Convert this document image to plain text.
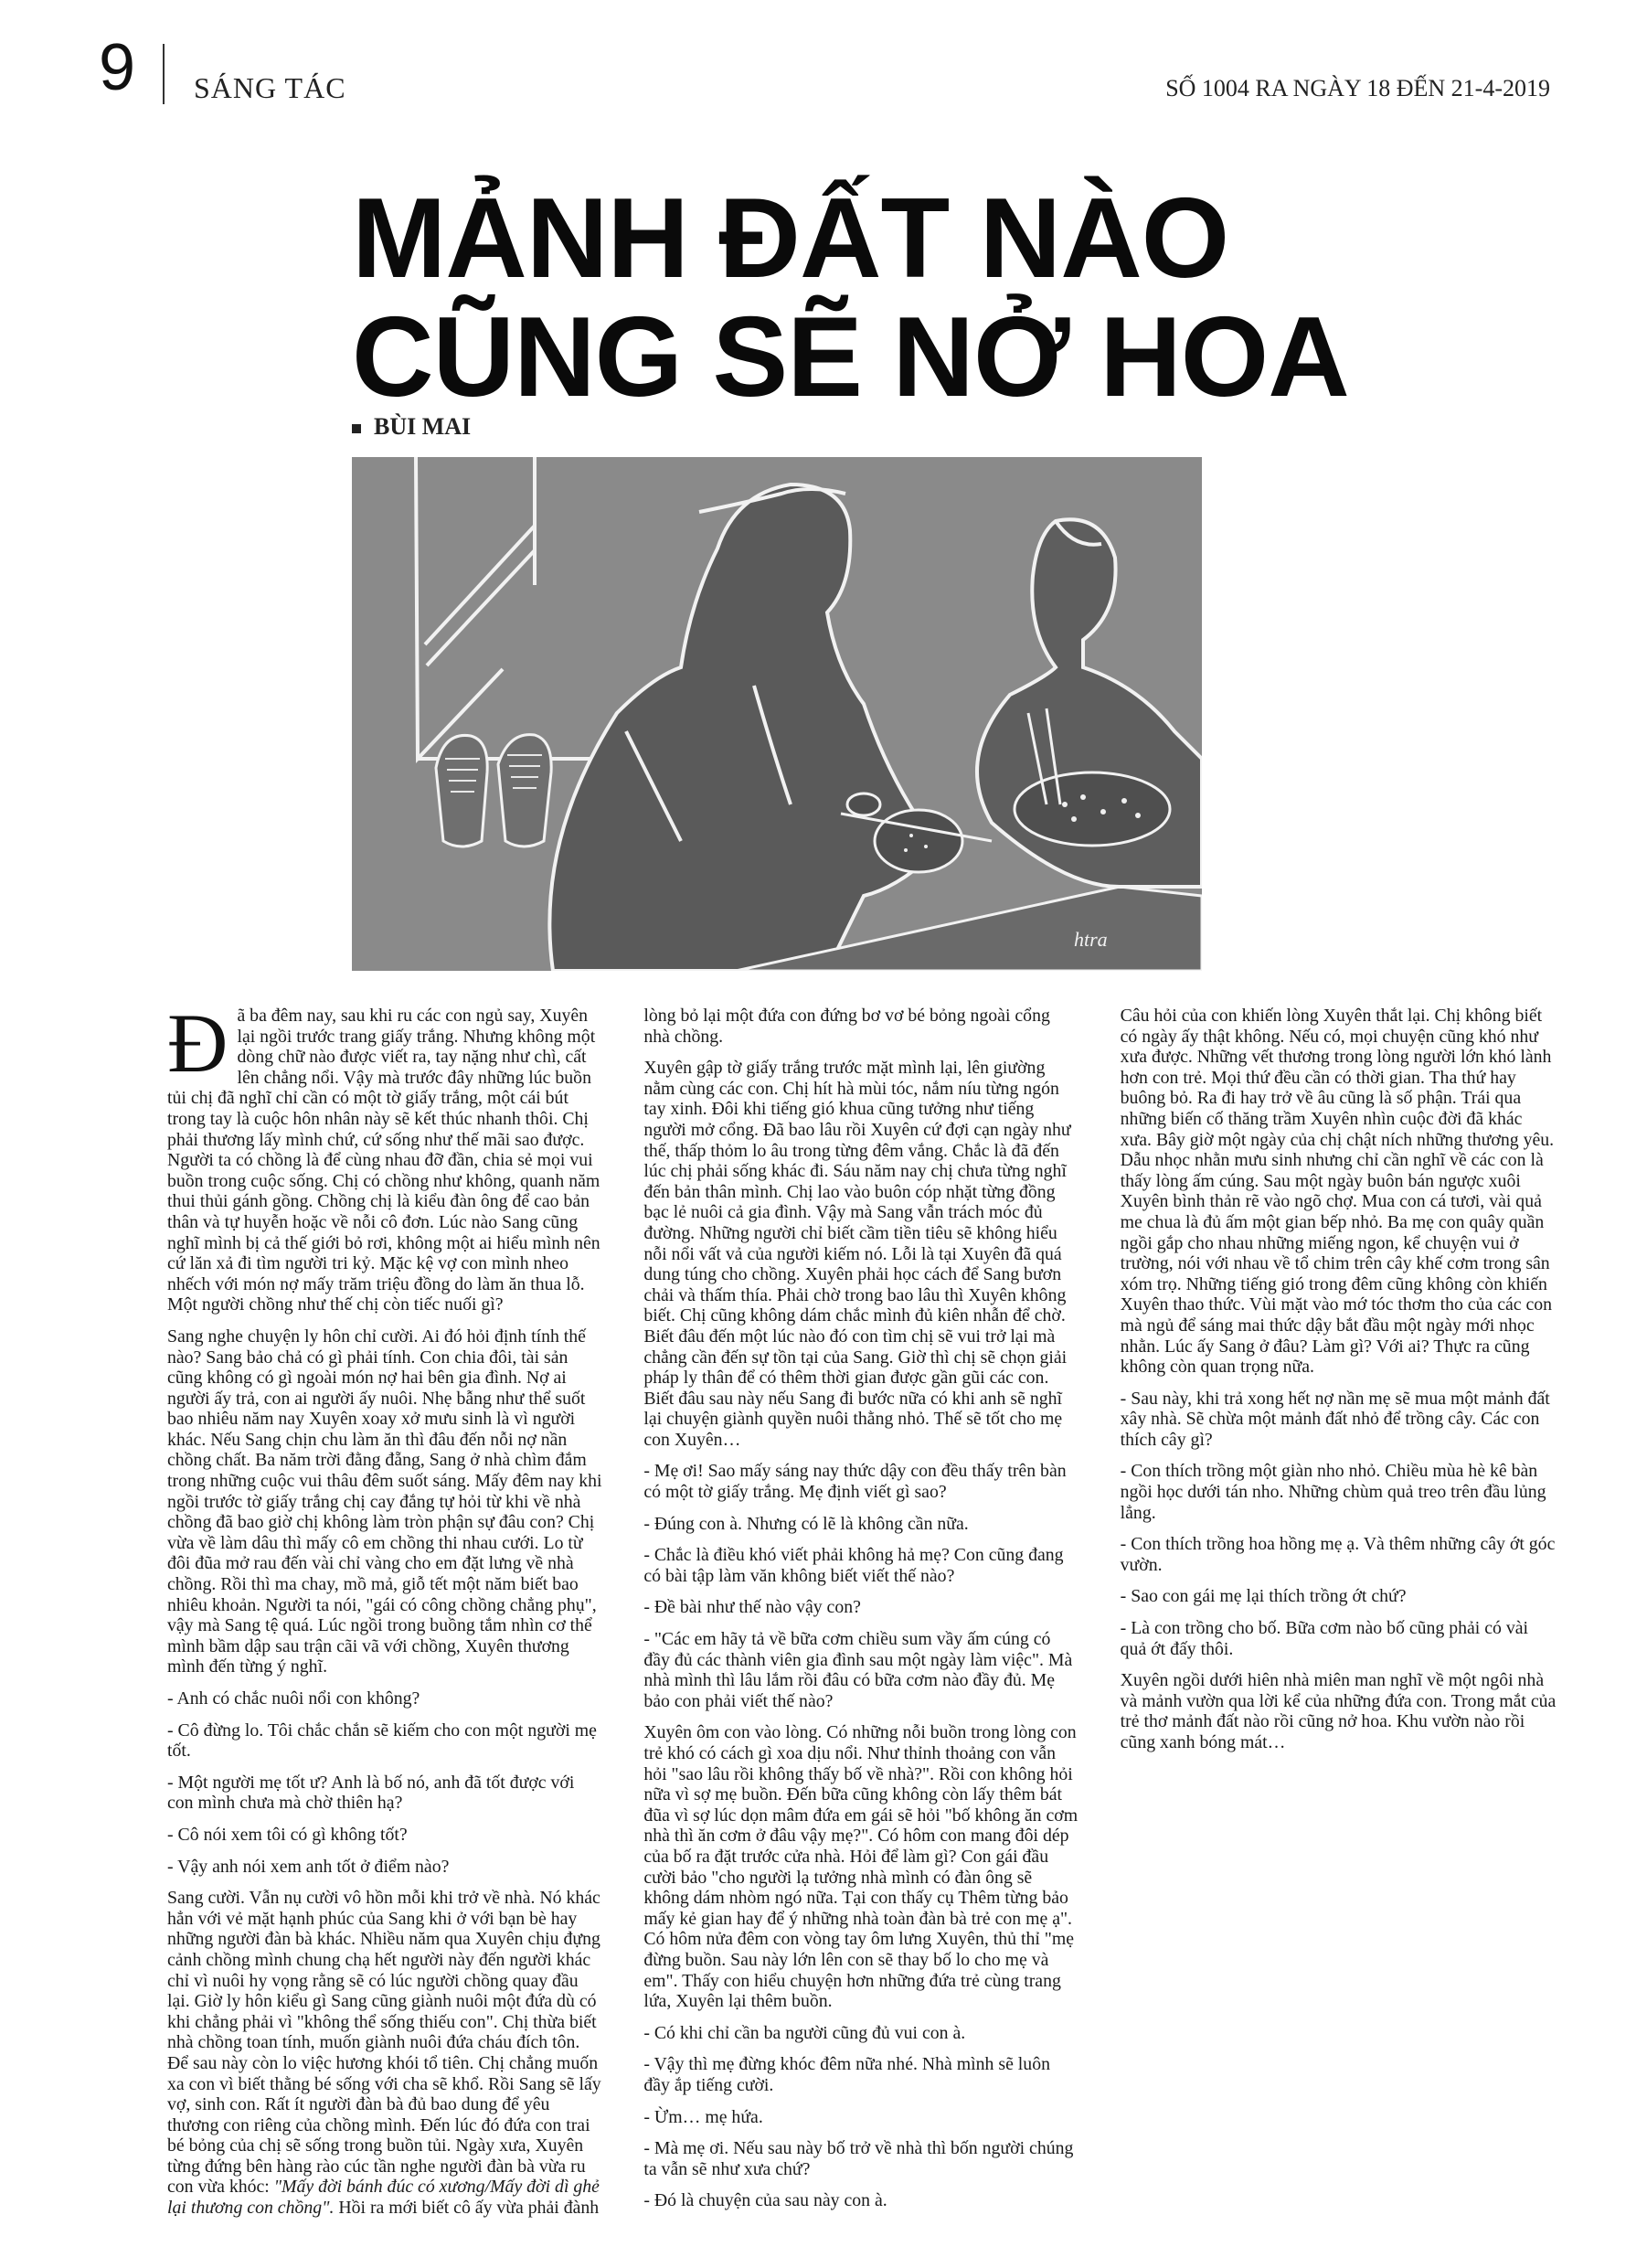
9 SÁNG TÁC	SỐ 1004 RA NGÀY 18 ĐẾN 21-4-2019
MẢNH ĐẤT NÀO
CŨNG SẼ NỞ HOA
BÙI MAI
htra

Đã ba đêm nay, sau khi ru các con ngủ say, Xuyên lại ngồi trước trang giấy trắng. Nhưng không một dòng chữ nào được viết ra, tay nặng như chì, cất lên chẳng nổi. Vậy mà trước đây những lúc buồn tủi chị đã nghĩ chỉ cần có một tờ giấy trắng, một cái bút trong tay là cuộc hôn nhân này sẽ kết thúc nhanh thôi. Chị phải thương lấy mình chứ, cứ sống như thế mãi sao được. Người ta có chồng là để cùng nhau đỡ đần, chia sẻ mọi vui buồn trong cuộc sống. Chị có chồng như không, quanh năm thui thủi gánh gồng. Chồng chị là kiểu đàn ông để cao bản thân và tự huyễn hoặc về nỗi cô đơn. Lúc nào Sang cũng nghĩ mình bị cả thế giới bỏ rơi, không một ai hiểu mình nên cứ lăn xả đi tìm người tri kỷ. Mặc kệ vợ con mình nheo nhếch với món nợ mấy trăm triệu đồng do làm ăn thua lỗ. Một người chồng như thế chị còn tiếc nuối gì?

Sang nghe chuyện ly hôn chỉ cười. Ai đó hỏi định tính thế nào? Sang bảo chả có gì phải tính. Con chia đôi, tài sản cũng không có gì ngoài món nợ hai bên gia đình. Nợ ai người ấy trả, con ai người ấy nuôi. Nhẹ bẫng như thể suốt bao nhiêu năm nay Xuyên xoay xở mưu sinh là vì người khác. Nếu Sang chịn chu làm ăn thì đâu đến nỗi nợ nần chồng chất. Ba năm trời đằng đẵng, Sang ở nhà chìm đắm trong những cuộc vui thâu đêm suốt sáng. Mấy đêm nay khi ngồi trước tờ giấy trắng chị cay đắng tự hỏi từ khi về nhà chồng đã bao giờ chị không làm tròn phận sự đâu con? Chị vừa về làm dâu thì mấy cô em chồng thi nhau cưới. Lo từ đôi đũa mở rau đến vài chỉ vàng cho em đặt lưng về nhà chồng. Rồi thì ma chay, mồ mả, giỗ tết một năm biết bao nhiêu khoản. Người ta nói, "gái có công chồng chẳng phụ", vậy mà Sang tệ quá. Lúc ngồi trong buồng tắm nhìn cơ thể mình bầm dập sau trận cãi vã với chồng, Xuyên thương mình đến từng ý nghĩ.

- Anh có chắc nuôi nổi con không?

- Cô đừng lo. Tôi chắc chắn sẽ kiếm cho con một người mẹ tốt.

- Một người mẹ tốt ư? Anh là bố nó, anh đã tốt được với con mình chưa mà chờ thiên hạ?

- Cô nói xem tôi có gì không tốt?

- Vậy anh nói xem anh tốt ở điểm nào?

Sang cười. Vẫn nụ cười vô hồn mỗi khi trở về nhà. Nó khác hẳn với vẻ mặt hạnh phúc của Sang khi ở với bạn bè hay những người đàn bà khác. Nhiều năm qua Xuyên chịu đựng cảnh chồng mình chung chạ hết người này đến người khác chỉ vì nuôi hy vọng rằng sẽ có lúc người chồng quay đầu lại. Giờ ly hôn kiểu gì Sang cũng giành nuôi một đứa dù có khi chẳng phải vì "không thể sống thiếu con". Chị thừa biết nhà chồng toan tính, muốn giành nuôi đứa cháu đích tôn. Để sau này còn lo việc hương khói tổ tiên. Chị chẳng muốn xa con vì biết thằng bé sống với cha sẽ khổ. Rồi Sang sẽ lấy vợ, sinh con. Rất ít người đàn bà đủ bao dung để yêu thương con riêng của chồng mình. Đến lúc đó đứa con trai bé bỏng của chị sẽ sống trong buồn tủi. Ngày xưa, Xuyên từng đứng bên hàng rào cúc tần nghe người đàn bà vừa ru con vừa khóc: "Mấy đời bánh đúc có xương/Mấy đời dì ghẻ lại thương con chồng". Hồi ra mới biết cô ấy vừa phải đành lòng bỏ lại một đứa con đứng bơ vơ bé bỏng ngoài cổng nhà chồng.

Xuyên gập tờ giấy trắng trước mặt mình lại, lên giường nằm cùng các con. Chị hít hà mùi tóc, nắm níu từng ngón tay xinh. Đôi khi tiếng gió khua cũng tưởng như tiếng người mở cổng. Đã bao lâu rồi Xuyên cứ đợi cạn ngày như thế, thấp thỏm lo âu trong từng đêm vắng. Chắc là đã đến lúc chị phải sống khác đi. Sáu năm nay chị chưa từng nghĩ đến bản thân mình. Chị lao vào buôn cóp nhặt từng đồng bạc lẻ nuôi cả gia đình. Vậy mà Sang vẫn trách móc đủ đường. Những người chỉ biết cầm tiền tiêu sẽ không hiểu nỗi nổi vất vả của người kiếm nó. Lỗi là tại Xuyên đã quá dung túng cho chồng. Xuyên phải học cách để Sang bươn chải và thấm thía. Phải chờ trong bao lâu thì Xuyên không biết. Chị cũng không dám chắc mình đủ kiên nhẫn để chờ. Biết đâu đến một lúc nào đó con tìm chị sẽ vui trở lại mà chẳng cần đến sự tồn tại của Sang. Giờ thì chị sẽ chọn giải pháp ly thân để có thêm thời gian được gần gũi các con. Biết đâu sau này nếu Sang đi bước nữa có khi anh sẽ nghĩ lại chuyện giành quyền nuôi thằng nhỏ. Thế sẽ tốt cho mẹ con Xuyên…

- Mẹ ơi! Sao mấy sáng nay thức dậy con đều thấy trên bàn có một tờ giấy trắng. Mẹ định viết gì sao?

- Đúng con à. Nhưng có lẽ là không cần nữa.

- Chắc là điều khó viết phải không hả mẹ? Con cũng đang có bài tập làm văn không biết viết thế nào?

- Đề bài như thế nào vậy con?

- "Các em hãy tả về bữa cơm chiều sum vầy ấm cúng có đầy đủ các thành viên gia đình sau một ngày làm việc". Mà nhà mình thì lâu lắm rồi đâu có bữa cơm nào đầy đủ. Mẹ bảo con phải viết thế nào?

Xuyên ôm con vào lòng. Có những nỗi buồn trong lòng con trẻ khó có cách gì xoa dịu nổi. Như thỉnh thoảng con vẫn hỏi "sao lâu rồi không thấy bố về nhà?". Rồi con không hỏi nữa vì sợ mẹ buồn. Đến bữa cũng không còn lấy thêm bát đũa vì sợ lúc dọn mâm đứa em gái sẽ hỏi "bố không ăn cơm nhà thì ăn cơm ở đâu vậy mẹ?". Có hôm con mang đôi dép của bố ra đặt trước cửa nhà. Hỏi để làm gì? Con gái đầu cười bảo "cho người lạ tưởng nhà mình có đàn ông sẽ không dám nhòm ngó nữa. Tại con thấy cụ Thêm từng bảo mấy kẻ gian hay để ý những nhà toàn đàn bà trẻ con mẹ ạ". Có hôm nửa đêm con vòng tay ôm lưng Xuyên, thủ thỉ "mẹ đừng buồn. Sau này lớn lên con sẽ thay bố lo cho mẹ và em". Thấy con hiểu chuyện hơn những đứa trẻ cùng trang lứa, Xuyên lại thêm buồn.

- Có khi chỉ cần ba người cũng đủ vui con à.

- Vậy thì mẹ đừng khóc đêm nữa nhé. Nhà mình sẽ luôn đầy ắp tiếng cười.

- Ừm… mẹ hứa.

- Mà mẹ ơi. Nếu sau này bố trở về nhà thì bốn người chúng ta vẫn sẽ như xưa chứ?

- Đó là chuyện của sau này con à.

Câu hỏi của con khiến lòng Xuyên thắt lại. Chị không biết có ngày ấy thật không. Nếu có, mọi chuyện cũng khó như xưa được. Những vết thương trong lòng người lớn khó lành hơn con trẻ. Mọi thứ đều cần có thời gian. Tha thứ hay buông bỏ. Ra đi hay trở về âu cũng là số phận. Trái qua những biến cố thăng trầm Xuyên nhìn cuộc đời đã khác xưa. Bây giờ một ngày của chị chật ních những thương yêu. Dẫu nhọc nhằn mưu sinh nhưng chỉ cần nghĩ về các con là thấy lòng ấm cúng. Sau một ngày buôn bán ngược xuôi Xuyên bình thản rẽ vào ngõ chợ. Mua con cá tươi, vài quả me chua là đủ ấm một gian bếp nhỏ. Ba mẹ con quây quần ngồi gắp cho nhau những miếng ngon, kể chuyện vui ở trường, nói với nhau về tổ chim trên cây khế cơm trong sân xóm trọ. Những tiếng gió trong đêm cũng không còn khiến Xuyên thao thức. Vùi mặt vào mớ tóc thơm tho của các con mà ngủ để sáng mai thức dậy bắt đầu một ngày mới nhọc nhằn. Lúc ấy Sang ở đâu? Làm gì? Với ai? Thực ra cũng không còn quan trọng nữa.

- Sau này, khi trả xong hết nợ nần mẹ sẽ mua một mảnh đất xây nhà. Sẽ chừa một mảnh đất nhỏ để trồng cây. Các con thích cây gì?

- Con thích trồng một giàn nho nhỏ. Chiều mùa hè kê bàn ngồi học dưới tán nho. Những chùm quả treo trên đầu lủng lẳng.

- Con thích trồng hoa hồng mẹ ạ. Và thêm những cây ớt góc vườn.

- Sao con gái mẹ lại thích trồng ớt chứ?

- Là con trồng cho bố. Bữa cơm nào bố cũng phải có vài quả ớt đấy thôi.

Xuyên ngồi dưới hiên nhà miên man nghĩ về một ngôi nhà và mảnh vườn qua lời kể của những đứa con. Trong mắt của trẻ thơ mảnh đất nào rồi cũng nở hoa. Khu vườn nào rồi cũng xanh bóng mát…
